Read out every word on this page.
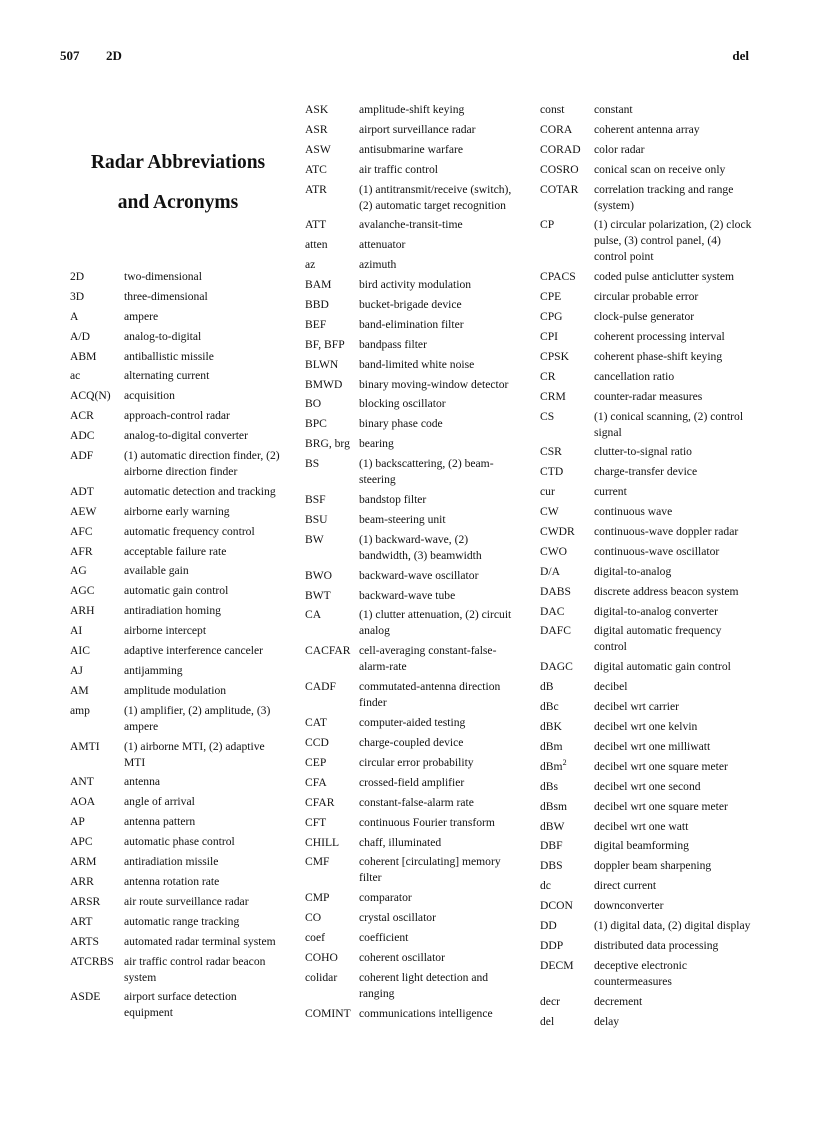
507 2D	del
Radar Abbreviations
and Acronyms
2D	two-dimensional
3D	three-dimensional
A	ampere
A/D	analog-to-digital
ABM	antiballistic missile
ac	alternating current
ACQ(N)	acquisition
ACR	approach-control radar
ADC	analog-to-digital converter
ADF	(1) automatic direction finder, (2) airborne direction finder
ADT	automatic detection and tracking
AEW	airborne early warning
AFC	automatic frequency control
AFR	acceptable failure rate
AG	available gain
AGC	automatic gain control
ARH	antiradiation homing
AI	airborne intercept
AIC	adaptive interference canceler
AJ	antijamming
AM	amplitude modulation
amp	(1) amplifier, (2) amplitude, (3) ampere
AMTI	(1) airborne MTI, (2) adaptive MTI
ANT	antenna
AOA	angle of arrival
AP	antenna pattern
APC	automatic phase control
ARM	antiradiation missile
ARR	antenna rotation rate
ARSR	air route surveillance radar
ART	automatic range tracking
ARTS	automated radar terminal system
ATCRBS air traffic control radar beacon system
ASDE	airport surface detection equipment
ASK	amplitude-shift keying
ASR	airport surveillance radar
ASW	antisubmarine warfare
ATC	air traffic control
ATR	(1) antitransmit/receive (switch), (2) automatic target recognition
ATT	avalanche-transit-time
atten	attenuator
az	azimuth
BAM	bird activity modulation
BBD	bucket-brigade device
BEF	band-elimination filter
BF, BFP	bandpass filter
BLWN	band-limited white noise
BMWD	binary moving-window detector
BO	blocking oscillator
BPC	binary phase code
BRG, brg bearing
BS	(1) backscattering, (2) beam-steering
BSF	bandstop filter
BSU	beam-steering unit
BW	(1) backward-wave, (2) bandwidth, (3) beamwidth
BWO	backward-wave oscillator
BWT	backward-wave tube
CA	(1) clutter attenuation, (2) circuit analog
CACFAR cell-averaging constant-false-alarm-rate
CADF	commutated-antenna direction finder
CAT	computer-aided testing
CCD	charge-coupled device
CEP	circular error probability
CFA	crossed-field amplifier
CFAR	constant-false-alarm rate
CFT	continuous Fourier transform
CHILL	chaff, illuminated
CMF	coherent [circulating] memory filter
CMP	comparator
CO	crystal oscillator
coef	coefficient
COHO	coherent oscillator
colidar	coherent light detection and ranging
COMINT communications intelligence
const	constant
CORA	coherent antenna array
CORAD	color radar
COSRO	conical scan on receive only
COTAR	correlation tracking and range (system)
CP	(1) circular polarization, (2) clock pulse, (3) control panel, (4) control point
CPACS	coded pulse anticlutter system
CPE	circular probable error
CPG	clock-pulse generator
CPI	coherent processing interval
CPSK	coherent phase-shift keying
CR	cancellation ratio
CRM	counter-radar measures
CS	(1) conical scanning, (2) control signal
CSR	clutter-to-signal ratio
CTD	charge-transfer device
cur	current
CW	continuous wave
CWDR	continuous-wave doppler radar
CWO	continuous-wave oscillator
D/A	digital-to-analog
DABS	discrete address beacon system
DAC	digital-to-analog converter
DAFC	digital automatic frequency control
DAGC	digital automatic gain control
dB	decibel
dBc	decibel wrt carrier
dBK	decibel wrt one kelvin
dBm	decibel wrt one milliwatt
dBm$^2$	decibel wrt one square meter
dBs	decibel wrt one second
dBsm	decibel wrt one square meter
dBW	decibel wrt one watt
DBF	digital beamforming
DBS	doppler beam sharpening
dc	direct current
DCON	downconverter
DD	(1) digital data, (2) digital display
DDP	distributed data processing
DECM	deceptive electronic countermeasures
decr	decrement
del	delay
